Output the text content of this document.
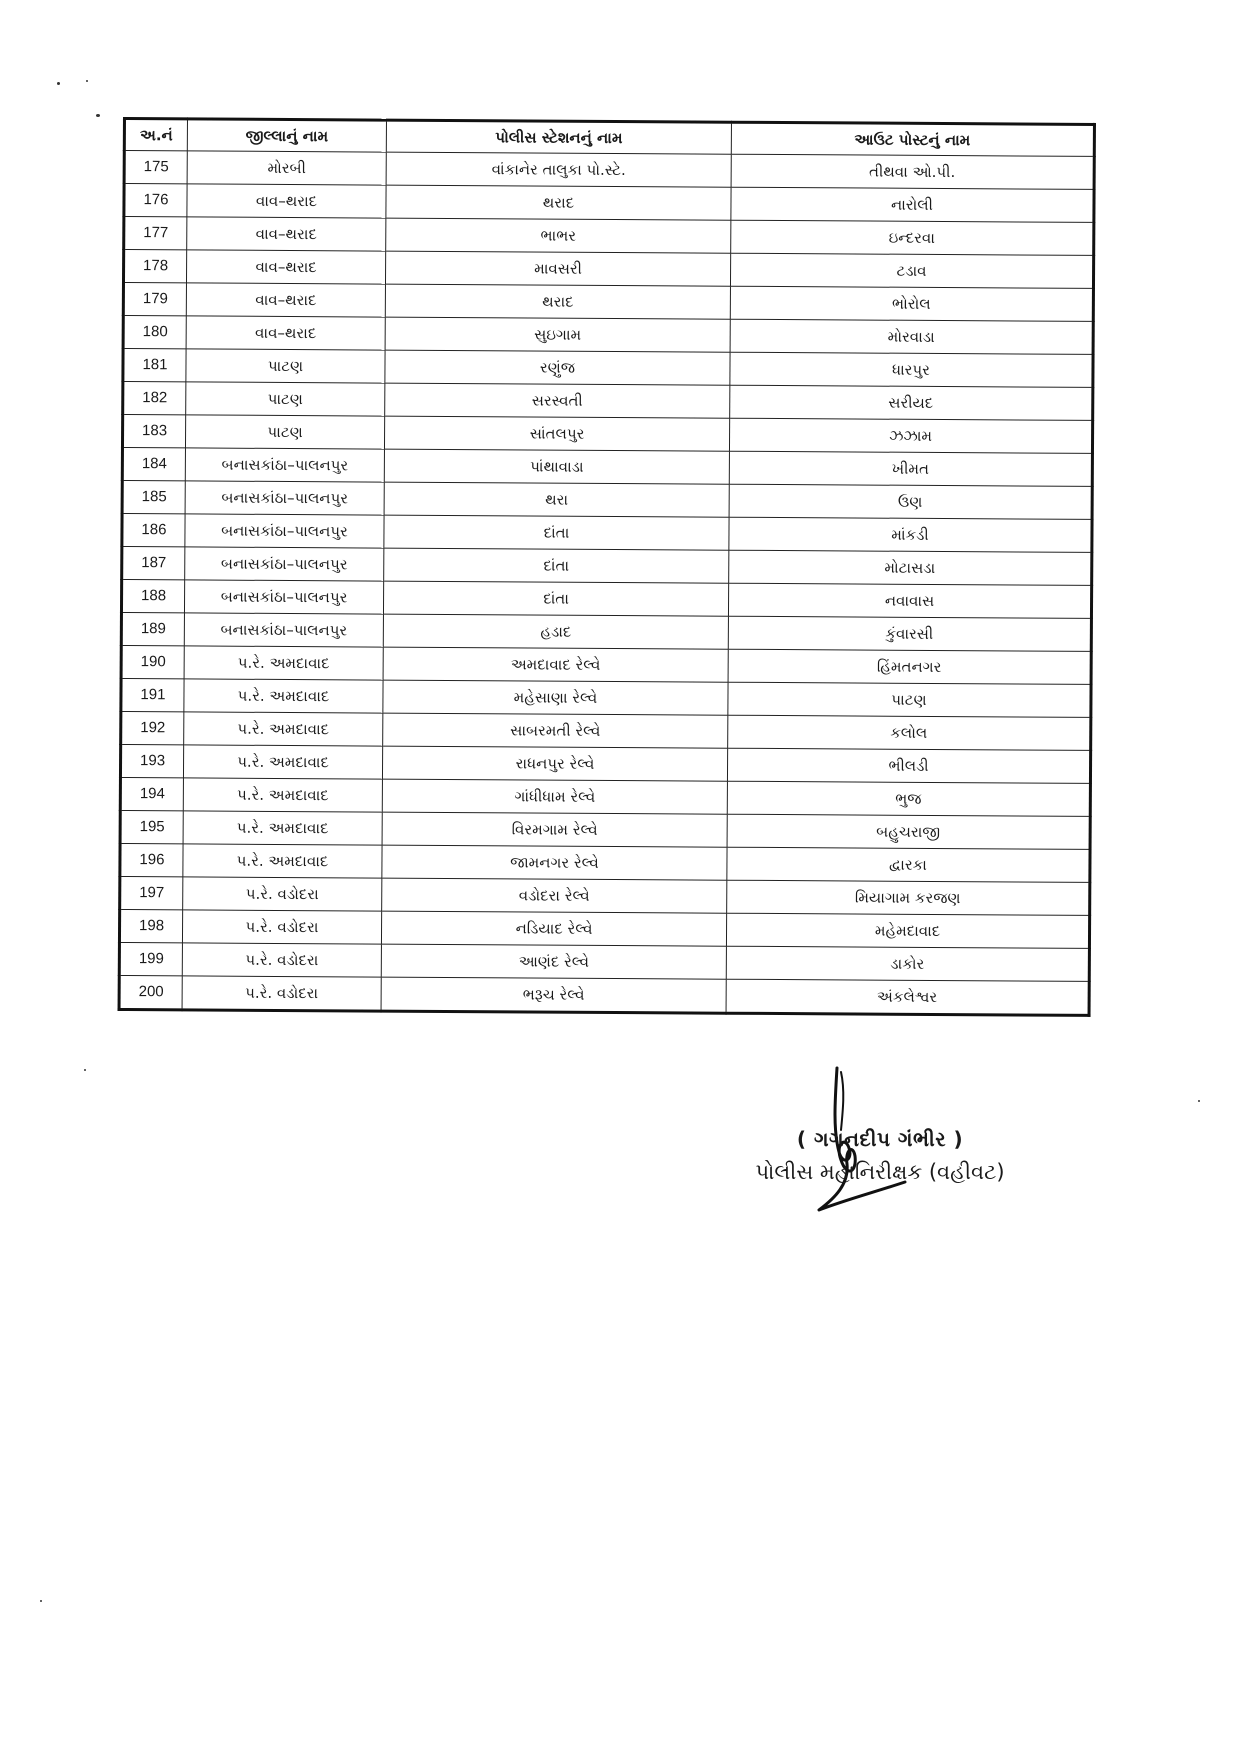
અ.નં	જીલ્લાનું નામ	પોલીસ સ્ટેશનનું નામ	આઉટ પોસ્ટનું નામ
175	મોરબી	વાંકાનેર તાલુકા પો.સ્ટે.	તીથવા ઓ.પી.
176	વાવ–થરાદ	થરાદ	નારોલી
177	વાવ–થરાદ	ભાભર	ઇન્દરવા
178	વાવ–થરાદ	માવસરી	ટડાવ
179	વાવ–થરાદ	થરાદ	ભોરોલ
180	વાવ–થરાદ	સુઇગામ	મોરવાડા
181	પાટણ	રણુંજ	ધારપુર
182	પાટણ	સરસ્વતી	સરીયદ
183	પાટણ	સાંતલપુર	ઝઝામ
184	બનાસકાંઠા–પાલનપુર	પાંથાવાડા	ખીમત
185	બનાસકાંઠા–પાલનપુર	થરા	ઉણ
186	બનાસકાંઠા–પાલનપુર	દાંતા	માંકડી
187	બનાસકાંઠા–પાલનપુર	દાંતા	મોટાસડા
188	બનાસકાંઠા–પાલનપુર	દાંતા	નવાવાસ
189	બનાસકાંઠા–પાલનપુર	હડાદ	કુંવારસી
190	પ.રે. અમદાવાદ	અમદાવાદ રેલ્વે	હિંમતનગર
191	પ.રે. અમદાવાદ	મહેસાણા રેલ્વે	પાટણ
192	પ.રે. અમદાવાદ	સાબરમતી રેલ્વે	કલોલ
193	પ.રે. અમદાવાદ	રાધનપુર રેલ્વે	ભીલડી
194	પ.રે. અમદાવાદ	ગાંધીધામ રેલ્વે	ભુજ
195	પ.રે. અમદાવાદ	વિરમગામ રેલ્વે	બહુચરાજી
196	પ.રે. અમદાવાદ	જામનગર રેલ્વે	દ્વારકા
197	પ.રે. વડોદરા	વડોદરા રેલ્વે	મિયાગામ કરજણ
198	પ.રે. વડોદરા	નડિયાદ રેલ્વે	મહેમદાવાદ
199	પ.રે. વડોદરા	આણંદ રેલ્વે	ડાકોર
200	પ.રે. વડોદરા	ભરૂચ રેલ્વે	અંકલેશ્વર
( ગગનદીપ ગંભીર )
પોલીસ મહાનિરીક્ષક (વહીવટ)
